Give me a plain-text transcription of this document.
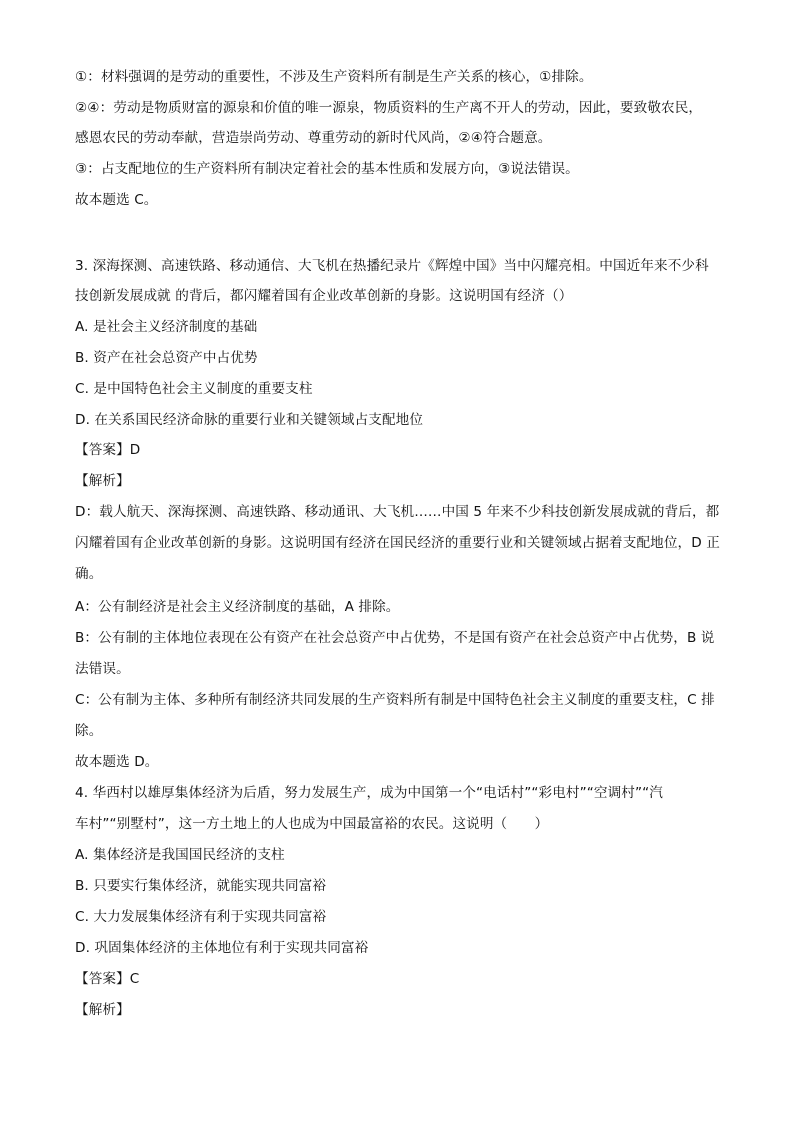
①：材料强调的是劳动的重要性，不涉及生产资料所有制是生产关系的核心，①排除。
②④：劳动是物质财富的源泉和价值的唯一源泉，物质资料的生产离不开人的劳动，因此，要致敬农民，
感恩农民的劳动奉献，营造崇尚劳动、尊重劳动的新时代风尚，②④符合题意。
③：占支配地位的生产资料所有制决定着社会的基本性质和发展方向，③说法错误。
故本题选 C。
3. 深海探测、高速铁路、移动通信、大飞机在热播纪录片《辉煌中国》当中闪耀亮相。中国近年来不少科
技创新发展成就 的背后，都闪耀着国有企业改革创新的身影。这说明国有经济（）
A. 是社会主义经济制度的基础
B. 资产在社会总资产中占优势
C. 是中国特色社会主义制度的重要支柱
D. 在关系国民经济命脉的重要行业和关键领域占支配地位
【答案】D
【解析】
D：载人航天、深海探测、高速铁路、移动通讯、大飞机……中国 5 年来不少科技创新发展成就的背后，都
闪耀着国有企业改革创新的身影。这说明国有经济在国民经济的重要行业和关键领域占据着支配地位，D 正
确。
A：公有制经济是社会主义经济制度的基础，A 排除。
B：公有制的主体地位表现在公有资产在社会总资产中占优势，不是国有资产在社会总资产中占优势，B 说
法错误。
C：公有制为主体、多种所有制经济共同发展的生产资料所有制是中国特色社会主义制度的重要支柱，C 排
除。
故本题选 D。
4. 华西村以雄厚集体经济为后盾，努力发展生产，成为中国第一个“电话村”“彩电村”“空调村”“汽
车村”“别墅村”，这一方土地上的人也成为中国最富裕的农民。这说明（　　）
A. 集体经济是我国国民经济的支柱
B. 只要实行集体经济，就能实现共同富裕
C. 大力发展集体经济有利于实现共同富裕
D. 巩固集体经济的主体地位有利于实现共同富裕
【答案】C
【解析】
